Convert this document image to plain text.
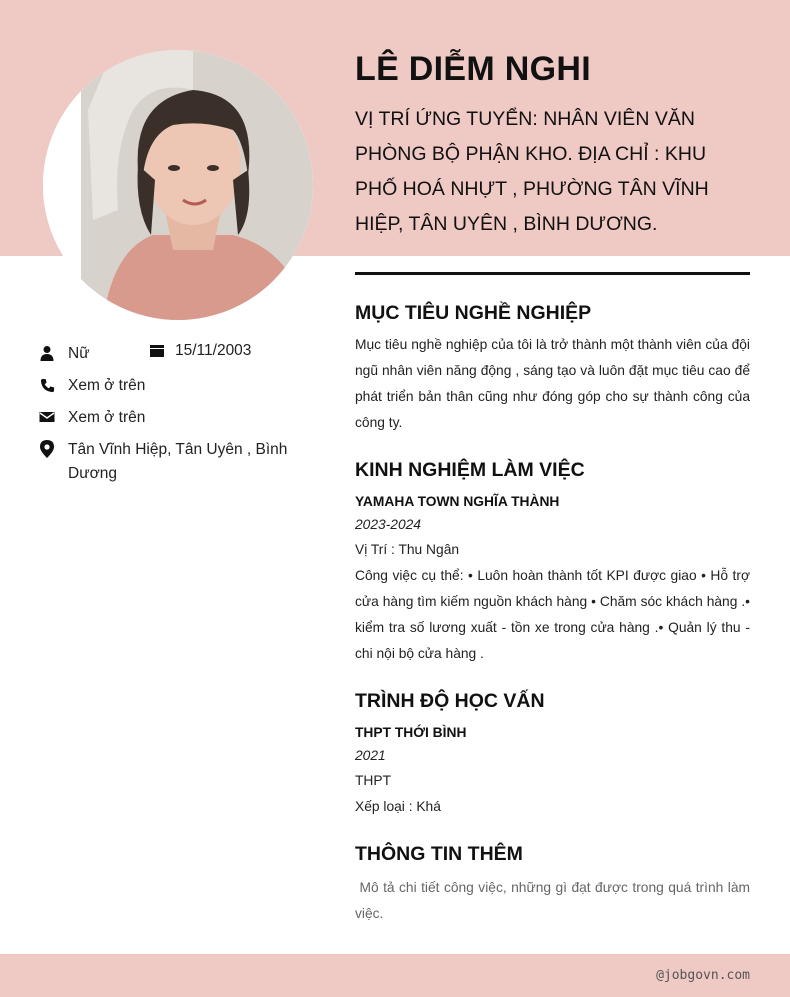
LÊ DIỄM NGHI
VỊ TRÍ ỨNG TUYỂN: NHÂN VIÊN VĂN PHÒNG BỘ PHẬN KHO. ĐỊA CHỈ : KHU PHỐ HOÁ NHỰT , PHƯỜNG TÂN VĨNH HIỆP, TÂN UYÊN , BÌNH DƯƠNG.
Nữ	15/11/2003
Xem ở trên
Xem ở trên
Tân Vĩnh Hiệp, Tân Uyên , Bình Dương
MỤC TIÊU NGHỀ NGHIỆP
Mục tiêu nghề nghiệp của tôi là trở thành một thành viên của đội ngũ nhân viên năng động , sáng tạo và luôn đặt mục tiêu cao để phát triển bản thân cũng như đóng góp cho sự thành công của công ty.
KINH NGHIỆM LÀM VIỆC
YAMAHA TOWN NGHĨA THÀNH
2023-2024
Vị Trí : Thu Ngân
Công việc cụ thể: • Luôn hoàn thành tốt KPI được giao • Hỗ trợ cửa hàng tìm kiếm nguồn khách hàng • Chăm sóc khách hàng .• kiểm tra số lương xuất - tồn xe trong cửa hàng .• Quản lý thu - chi nội bộ cửa hàng .
TRÌNH ĐỘ HỌC VẤN
THPT THỚI BÌNH
2021
THPT
Xếp loại : Khá
THÔNG TIN THÊM
Mô tả chi tiết công việc, những gì đạt được trong quá trình làm việc.
@jobgovn.com
